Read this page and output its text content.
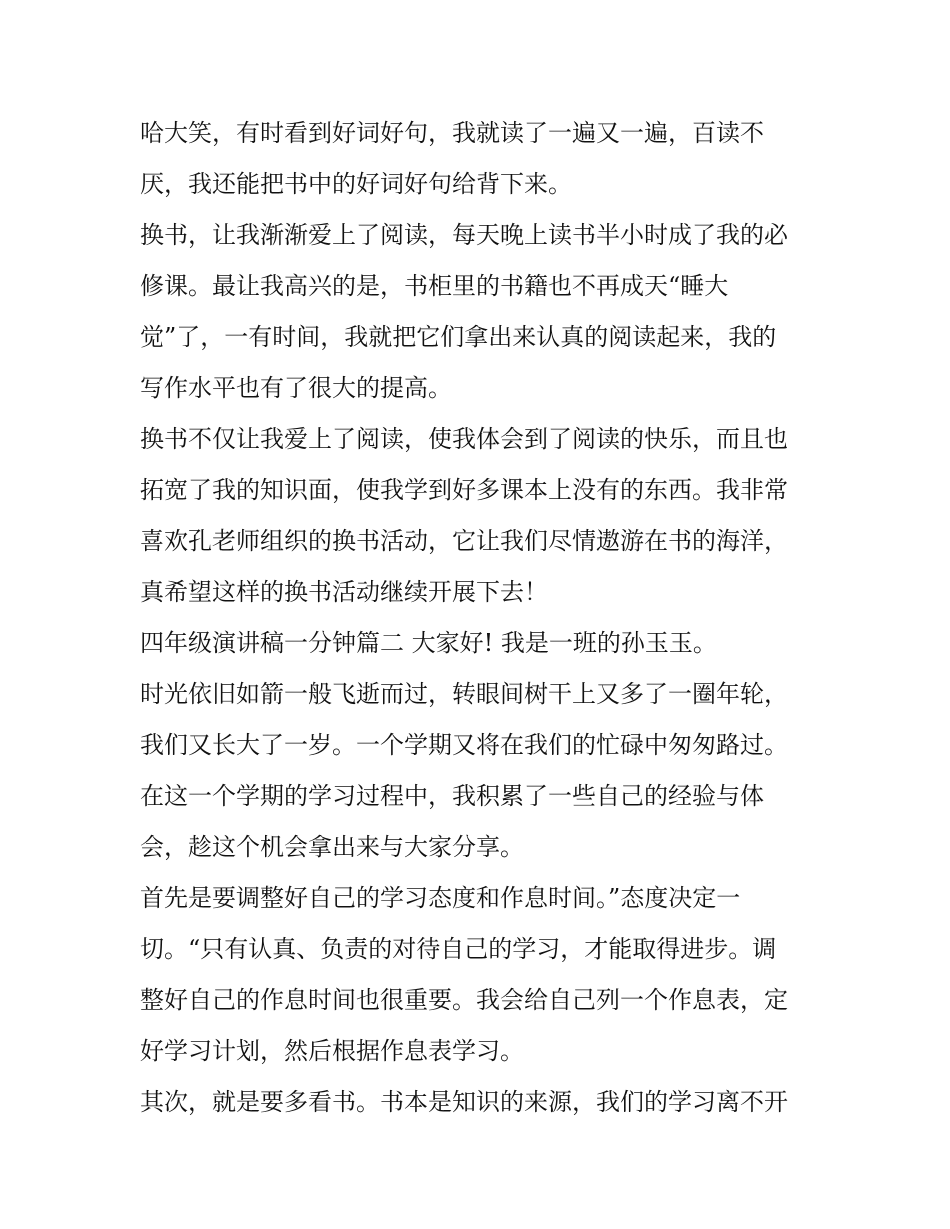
哈大笑，有时看到好词好句，我就读了一遍又一遍，百读不
厌，我还能把书中的好词好句给背下来。
换书，让我渐渐爱上了阅读，每天晚上读书半小时成了我的必
修课。最让我高兴的是，书柜里的书籍也不再成天“睡大
觉”了，一有时间，我就把它们拿出来认真的阅读起来，我的
写作水平也有了很大的提高。
换书不仅让我爱上了阅读，使我体会到了阅读的快乐，而且也
拓宽了我的知识面，使我学到好多课本上没有的东西。我非常
喜欢孔老师组织的换书活动，它让我们尽情遨游在书的海洋，
真希望这样的换书活动继续开展下去！
四年级演讲稿一分钟篇二 大家好! 我是一班的孙玉玉。
时光依旧如箭一般飞逝而过，转眼间树干上又多了一圈年轮，
我们又长大了一岁。一个学期又将在我们的忙碌中匆匆路过。
在这一个学期的学习过程中，我积累了一些自己的经验与体
会，趁这个机会拿出来与大家分享。
首先是要调整好自己的学习态度和作息时间。”态度决定一
切。“只有认真、负责的对待自己的学习，才能取得进步。调
整好自己的作息时间也很重要。我会给自己列一个作息表，定
好学习计划，然后根据作息表学习。
其次，就是要多看书。书本是知识的来源，我们的学习离不开
